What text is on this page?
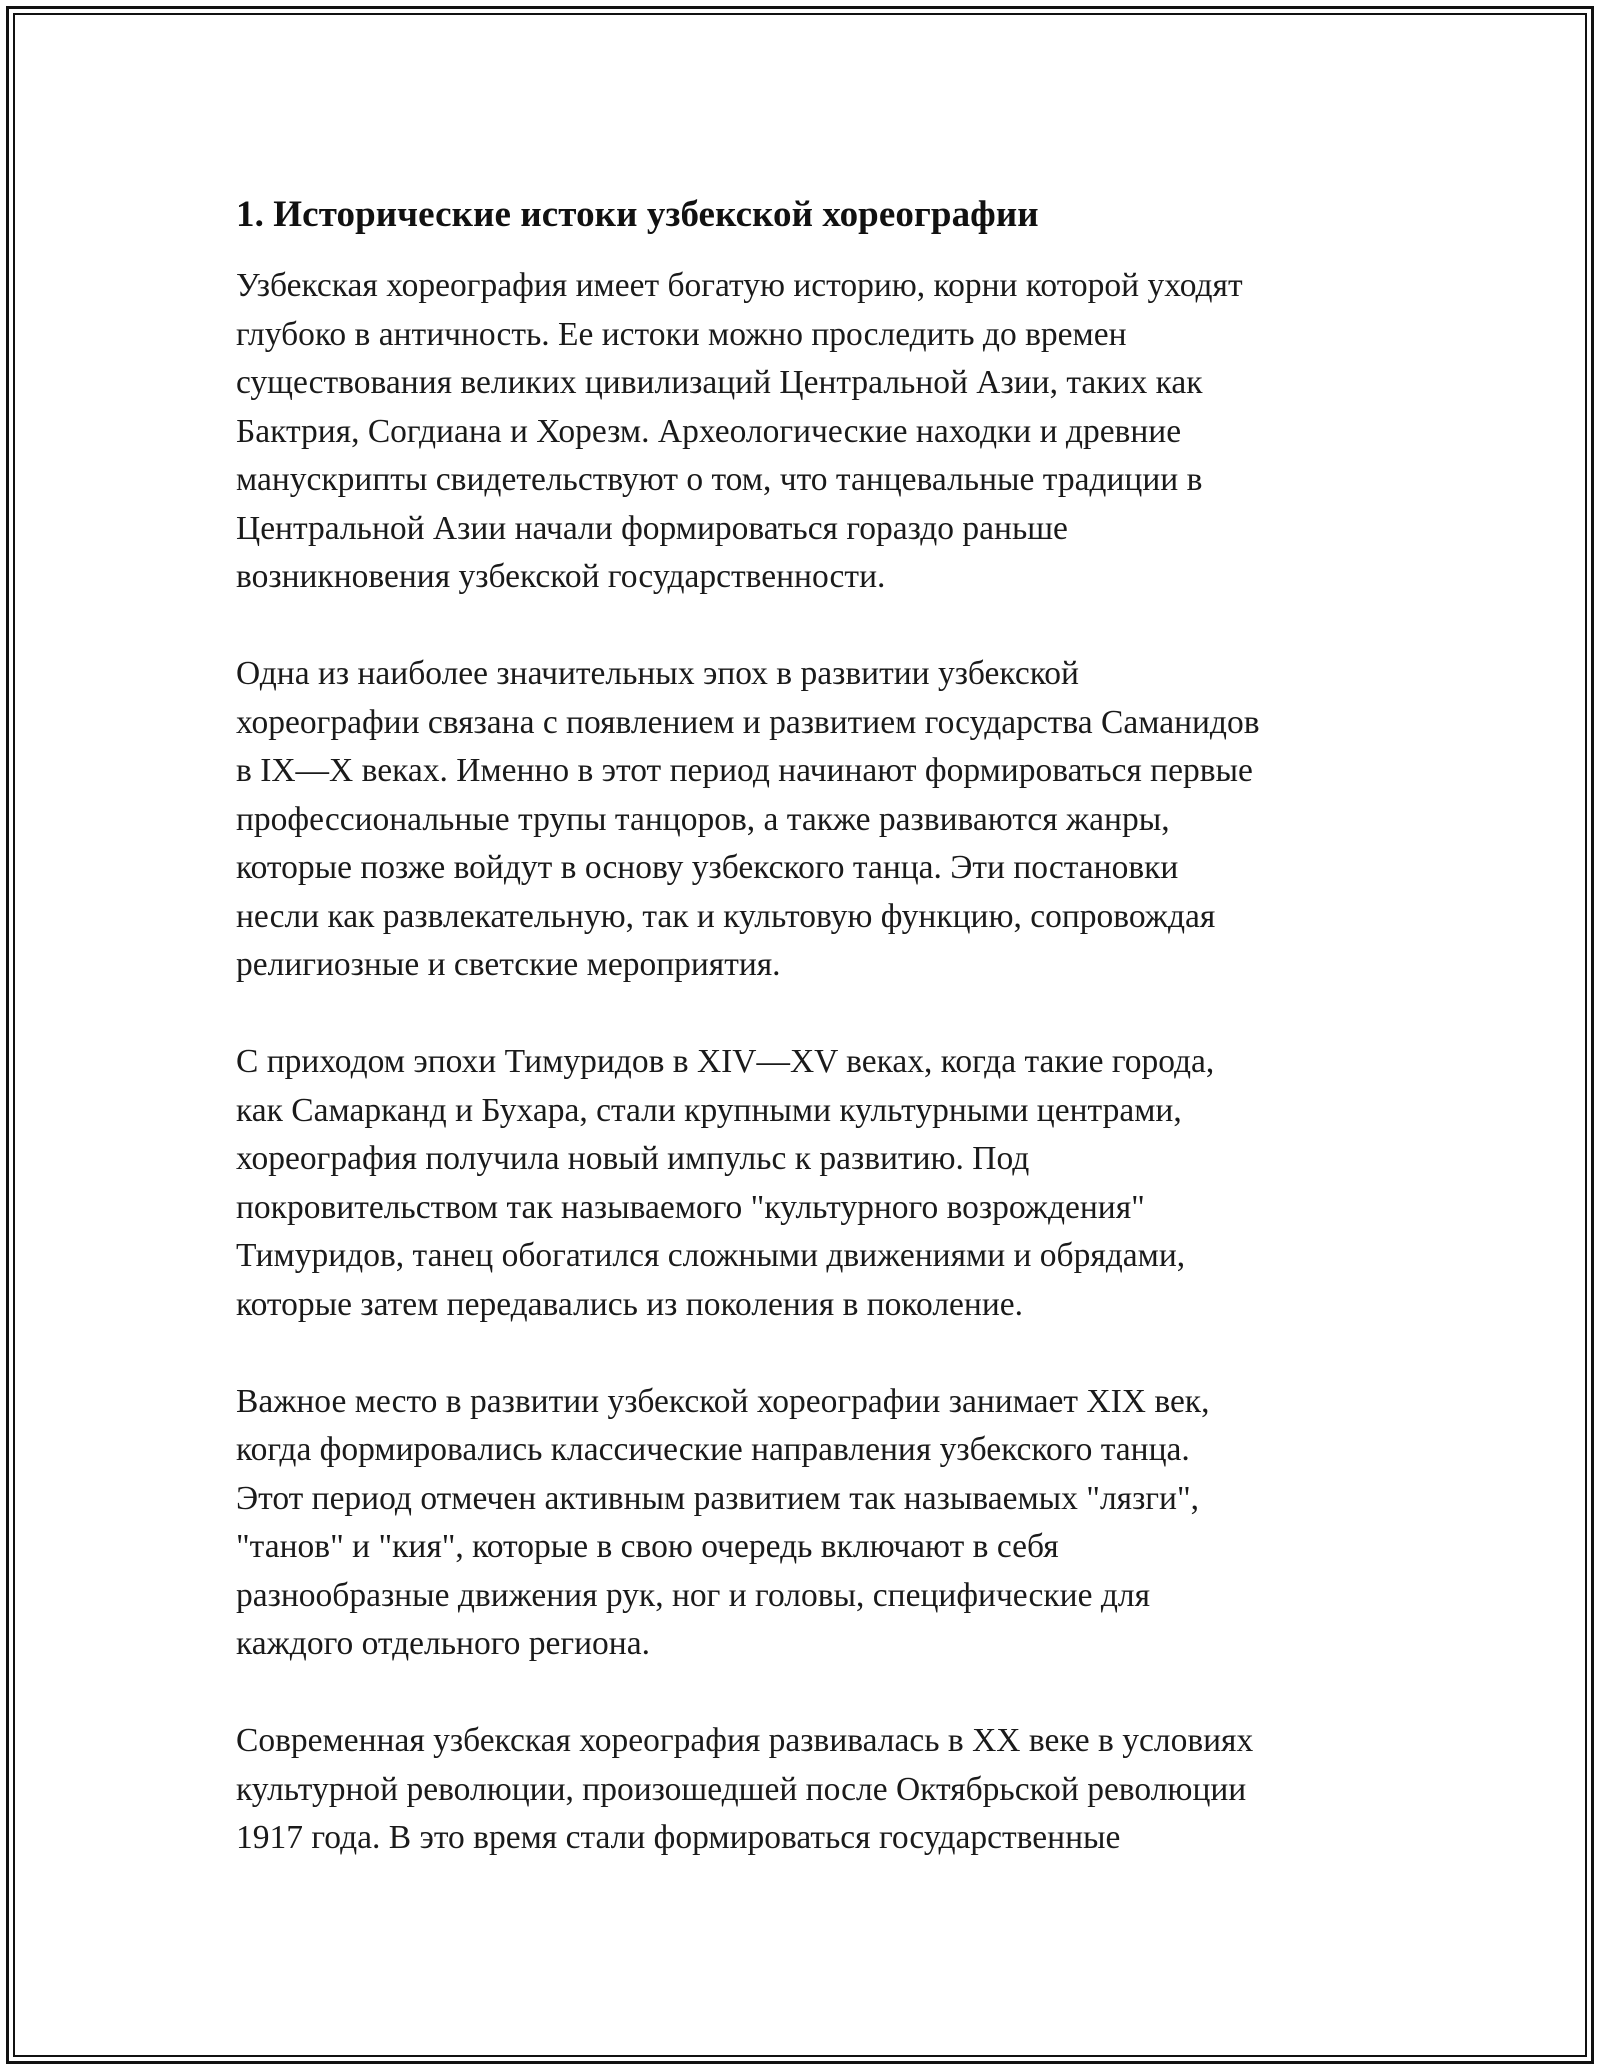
1. Исторические истоки узбекской хореографии

Узбекская хореография имеет богатую историю, корни которой уходят
глубоко в античность. Ее истоки можно проследить до времен
существования великих цивилизаций Центральной Азии, таких как
Бактрия, Согдиана и Хорезм. Археологические находки и древние
манускрипты свидетельствуют о том, что танцевальные традиции в
Центральной Азии начали формироваться гораздо раньше
возникновения узбекской государственности.

Одна из наиболее значительных эпох в развитии узбекской
хореографии связана с появлением и развитием государства Саманидов
в IX—X веках. Именно в этот период начинают формироваться первые
профессиональные трупы танцоров, а также развиваются жанры,
которые позже войдут в основу узбекского танца. Эти постановки
несли как развлекательную, так и культовую функцию, сопровождая
религиозные и светские мероприятия.

С приходом эпохи Тимуридов в XIV—XV веках, когда такие города,
как Самарканд и Бухара, стали крупными культурными центрами,
хореография получила новый импульс к развитию. Под
покровительством так называемого "культурного возрождения"
Тимуридов, танец обогатился сложными движениями и обрядами,
которые затем передавались из поколения в поколение.

Важное место в развитии узбекской хореографии занимает XIX век,
когда формировались классические направления узбекского танца.
Этот период отмечен активным развитием так называемых "лязги",
"танов" и "кия", которые в свою очередь включают в себя
разнообразные движения рук, ног и головы, специфические для
каждого отдельного региона.

Современная узбекская хореография развивалась в XX веке в условиях
культурной революции, произошедшей после Октябрьской революции
1917 года. В это время стали формироваться государственные
